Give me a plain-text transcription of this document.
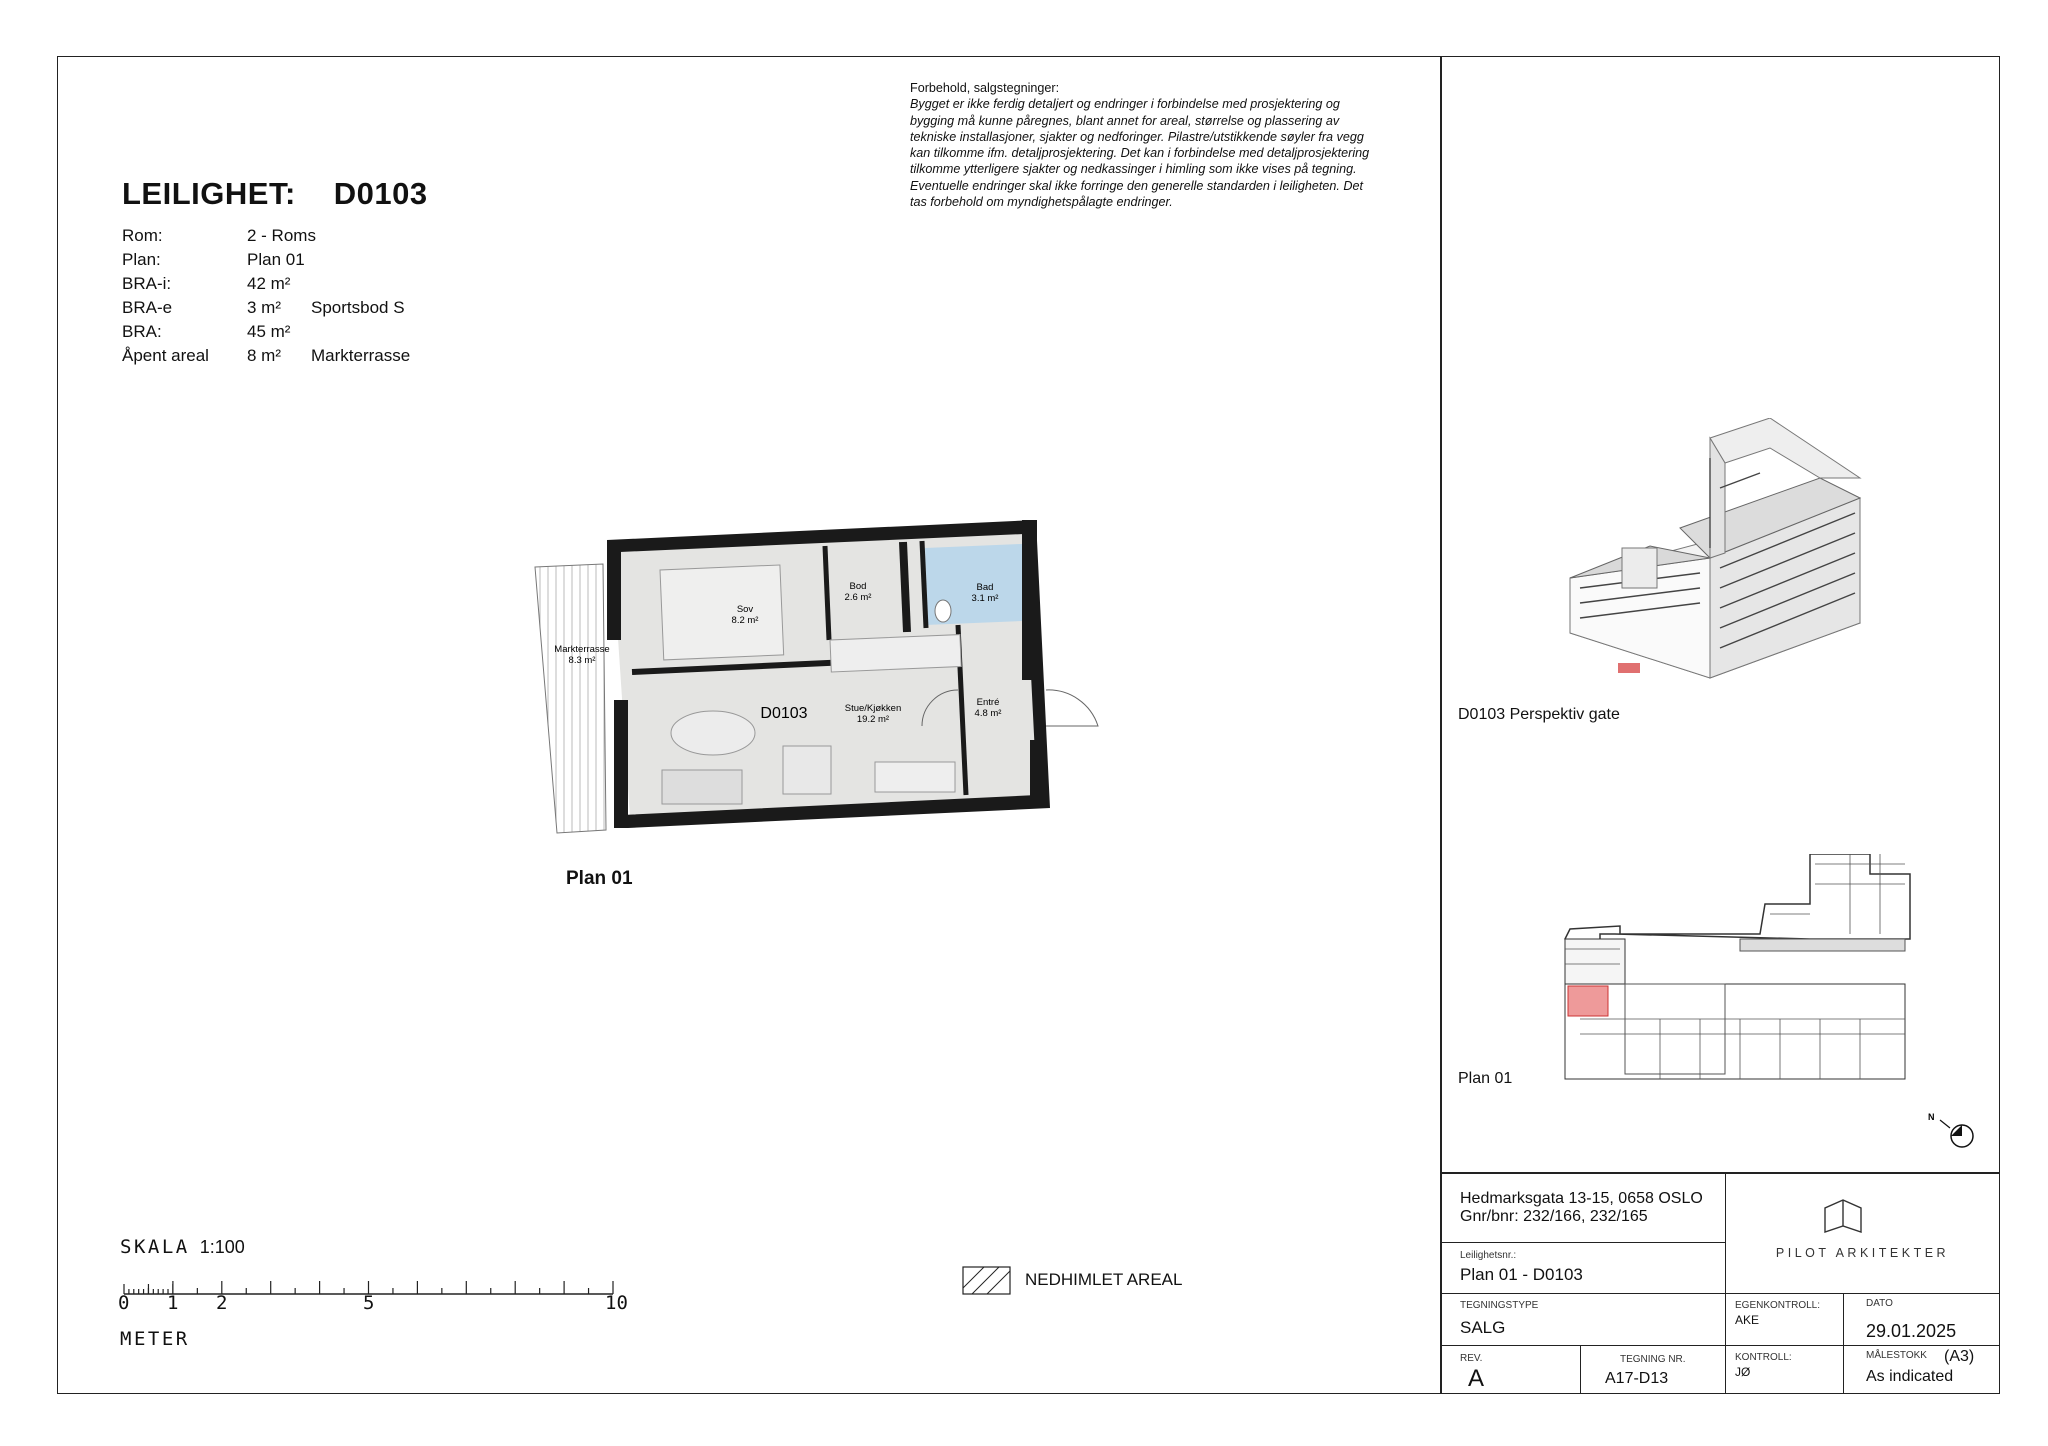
LEILIGHET: D0103
Rom:	2 - Roms
Plan:	Plan 01
BRA-i:	42 m²
BRA-e	3 m² Sportsbod S
BRA:	45 m²
Åpent areal 8 m² Markterrasse
Forbehold, salgstegninger:
Bygget er ikke ferdig detaljert og endringer i forbindelse med prosjektering og
bygging må kunne påregnes, blant annet for areal, størrelse og plassering av
tekniske installasjoner, sjakter og nedforinger. Pilastre/utstikkende søyler fra vegg
kan tilkomme ifm. detaljprosjektering. Det kan i forbindelse med detaljprosjektering
tilkomme ytterligere sjakter og nedkassinger i himling som ikke vises på tegning.
Eventuelle endringer skal ikke forringe den generelle standarden i leiligheten. Det
tas forbehold om myndighetspålagte endringer.
Markterrasse
8.3 m²
Sov
8.2 m²
Bod
2.6 m²
Bad
3.1 m²
Stue/Kjøkken
19.2 m²
Entré
4.8 m²
D0103
Plan 01
SKALA 1:100
0 1 2	5	10
METER
NEDHIMLET AREAL
D0103 Perspektiv gate
Plan 01
N
Hedmarksgata 13-15, 0658 OSLO
Gnr/bnr: 232/166, 232/165
PILOT ARKITEKTER
Leilighetsnr.:
Plan 01 - D0103
TEGNINGSTYPE
SALG
EGENKONTROLL:
AKE
DATO
29.01.2025
REV.
A
TEGNING NR.
A17-D13
KONTROLL:
JØ
MÅLESTOKK (A3)
As indicated
